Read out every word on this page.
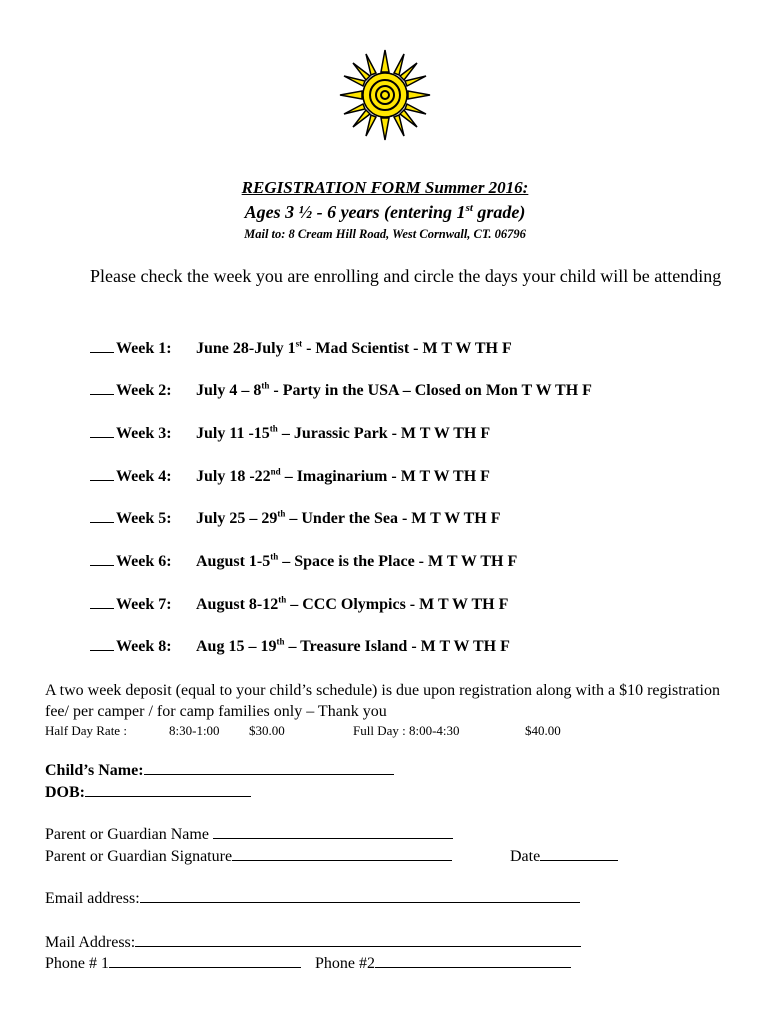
REGISTRATION FORM Summer 2016:
Ages 3 ½ - 6 years (entering 1st grade)
Mail to: 8 Cream Hill Road, West Cornwall, CT. 06796
Please check the week you are enrolling and circle the days your child will be attending
Week 1: June 28-July 1st - Mad Scientist - M T W TH F
Week 2: July 4 – 8th - Party in the USA – Closed on Mon T W TH F
Week 3: July 11 -15th – Jurassic Park - M T W TH F
Week 4: July 18 -22nd – Imaginarium - M T W TH F
Week 5: July 25 – 29th – Under the Sea - M T W TH F
Week 6: August 1-5th – Space is the Place - M T W TH F
Week 7: August 8-12th – CCC Olympics - M T W TH F
Week 8: Aug 15 – 19th – Treasure Island - M T W TH F
A two week deposit (equal to your child’s schedule) is due upon registration along with a $10 registration fee/ per camper / for camp families only – Thank you
Half Day Rate :	8:30-1:00 $30.00	Full Day : 8:00-4:30	$40.00
Child’s Name:
DOB:
Parent or Guardian Name
Parent or Guardian Signature	Date
Email address:
Mail Address:
Phone # 1	Phone #2
